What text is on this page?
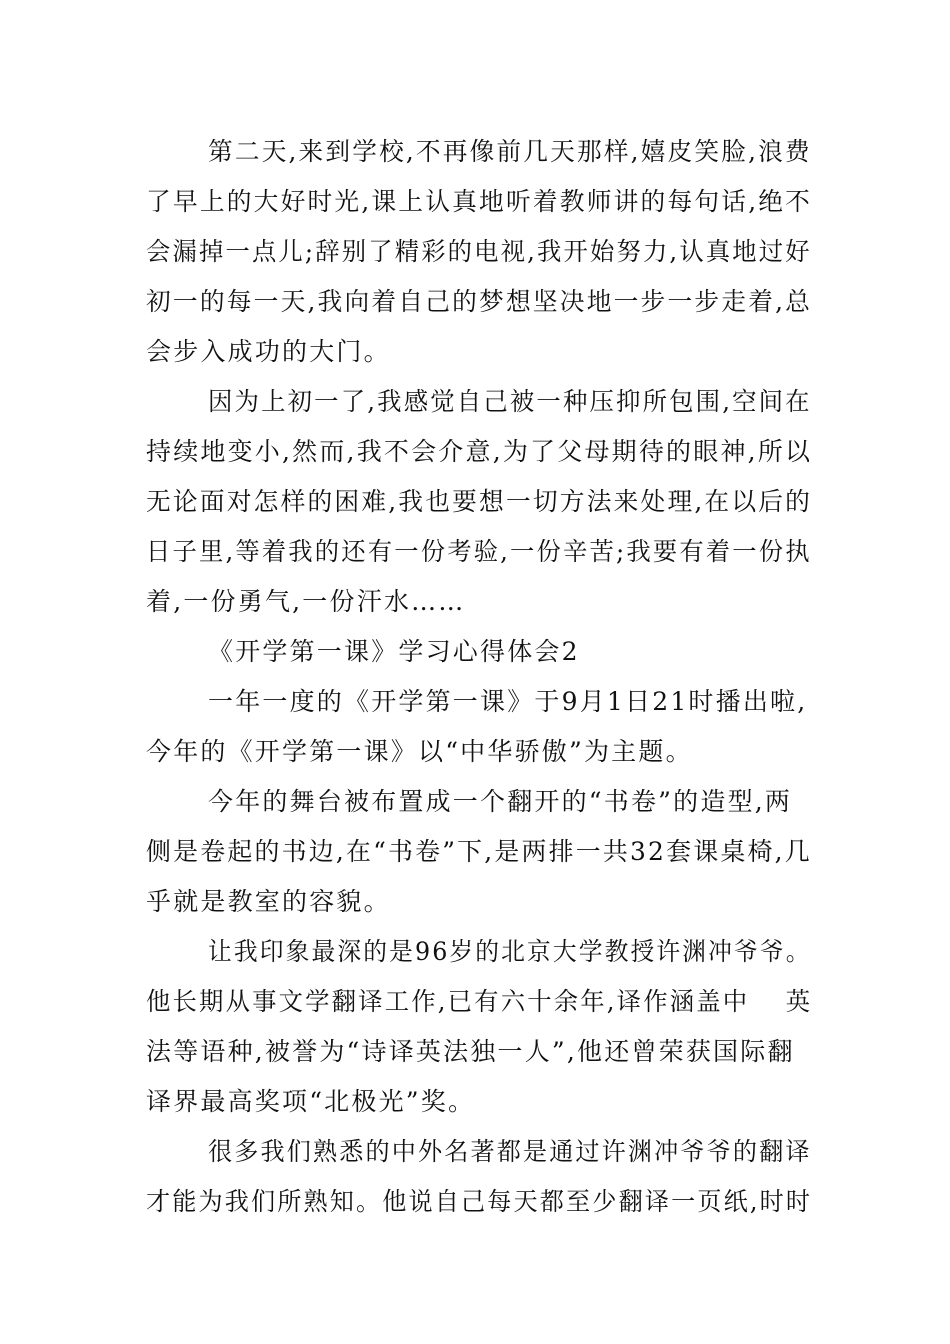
第二天,来到学校,不再像前几天那样,嬉皮笑脸,浪费
了早上的大好时光,课上认真地听着教师讲的每句话,绝不
会漏掉一点儿;辞别了精彩的电视,我开始努力,认真地过好
初一的每一天,我向着自己的梦想坚决地一步一步走着,总
会步入成功的大门。
因为上初一了,我感觉自己被一种压抑所包围,空间在
持续地变小,然而,我不会介意,为了父母期待的眼神,所以
无论面对怎样的困难,我也要想一切方法来处理,在以后的
日子里,等着我的还有一份考验,一份辛苦;我要有着一份执
着,一份勇气,一份汗水……
《开学第一课》学习心得体会2
一年一度的《开学第一课》于9月1日21时播出啦,
今年的《开学第一课》以“中华骄傲”为主题。
今年的舞台被布置成一个翻开的“书卷”的造型,两
侧是卷起的书边,在“书卷”下,是两排一共32套课桌椅,几
乎就是教室的容貌。
让我印象最深的是96岁的北京大学教授许渊冲爷爷。
他长期从事文学翻译工作,已有六十余年,译作涵盖中　 英
法等语种,被誉为“诗译英法独一人”,他还曾荣获国际翻
译界最高奖项“北极光”奖。
很多我们熟悉的中外名著都是通过许渊冲爷爷的翻译
才能为我们所熟知。他说自己每天都至少翻译一页纸,时时
